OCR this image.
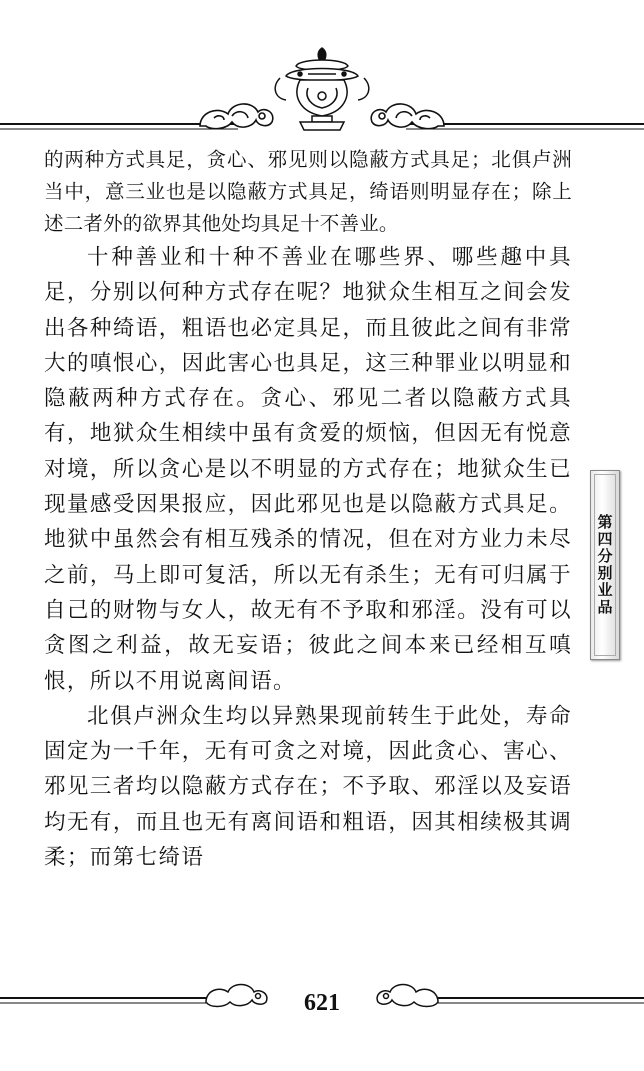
的两种方式具足，贪心、邪见则以隐蔽方式具足；北俱卢洲当中，意三业也是以隐蔽方式具足，绮语则明显存在；除上述二者外的欲界其他处均具足十不善业。

十种善业和十种不善业在哪些界、哪些趣中具足，分别以何种方式存在呢？地狱众生相互之间会发出各种绮语，粗语也必定具足，而且彼此之间有非常大的嗔恨心，因此害心也具足，这三种罪业以明显和隐蔽两种方式存在。贪心、邪见二者以隐蔽方式具有，地狱众生相续中虽有贪爱的烦恼，但因无有悦意对境，所以贪心是以不明显的方式存在；地狱众生已现量感受因果报应，因此邪见也是以隐蔽方式具足。地狱中虽然会有相互残杀的情况，但在对方业力未尽之前，马上即可复活，所以无有杀生；无有可归属于自己的财物与女人，故无有不予取和邪淫。没有可以贪图之利益，故无妄语；彼此之间本来已经相互嗔恨，所以不用说离间语。

北俱卢洲众生均以异熟果现前转生于此处，寿命固定为一千年，无有可贪之对境，因此贪心、害心、邪见三者均以隐蔽方式存在；不予取、邪淫以及妄语均无有，而且也无有离间语和粗语，因其相续极其调柔；而第七绮语

第四分别业品
621
